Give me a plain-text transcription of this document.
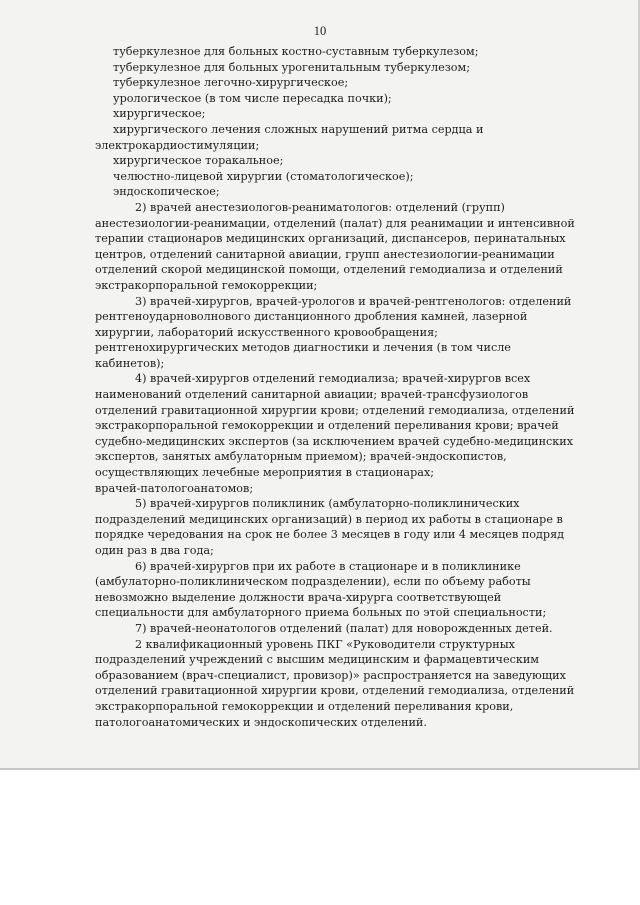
10
туберкулезное для больных костно-суставным туберкулезом;
туберкулезное для больных урогенитальным туберкулезом;
туберкулезное легочно-хирургическое;
урологическое (в том числе пересадка почки);
хирургическое;
хирургического лечения сложных нарушений ритма сердца и
электрокардиостимуляции;
хирургическое торакальное;
челюстно-лицевой хирургии (стоматологическое);
эндоскопическое;
2) врачей анестезиологов-реаниматологов: отделений (групп)
анестезиологии-реанимации, отделений (палат) для реанимации и интенсивной
терапии стационаров медицинских организаций, диспансеров, перинатальных
центров, отделений санитарной авиации, групп анестезиологии-реанимации
отделений скорой медицинской помощи, отделений гемодиализа и отделений
экстракорпоральной гемокоррекции;
3) врачей-хирургов, врачей-урологов и врачей-рентгенологов: отделений
рентгеноударноволнового дистанционного дробления камней, лазерной
хирургии, лабораторий искусственного кровообращения;
рентгенохирургических методов диагностики и лечения (в том числе
кабинетов);
4) врачей-хирургов отделений гемодиализа; врачей-хирургов всех
наименований отделений санитарной авиации; врачей-трансфузиологов
отделений гравитационной хирургии крови; отделений гемодиализа, отделений
экстракорпоральной гемокоррекции и отделений переливания крови; врачей
судебно-медицинских экспертов (за исключением врачей судебно-медицинских
экспертов, занятых амбулаторным приемом); врачей-эндоскопистов,
осуществляющих лечебные мероприятия в стационарах;
врачей-патологоанатомов;
5) врачей-хирургов поликлиник (амбулаторно-поликлинических
подразделений медицинских организаций) в период их работы в стационаре в
порядке чередования на срок не более 3 месяцев в году или 4 месяцев подряд
один раз в два года;
6) врачей-хирургов при их работе в стационаре и в поликлинике
(амбулаторно-поликлиническом подразделении), если по объему работы
невозможно выделение должности врача-хирурга соответствующей
специальности для амбулаторного приема больных по этой специальности;
7) врачей-неонатологов отделений (палат) для новорожденных детей.
2 квалификационный уровень ПКГ «Руководители структурных
подразделений учреждений с высшим медицинским и фармацевтическим
образованием (врач-специалист, провизор)» распространяется на заведующих
отделений гравитационной хирургии крови, отделений гемодиализа, отделений
экстракорпоральной гемокоррекции и отделений переливания крови,
патологоанатомических и эндоскопических отделений.
